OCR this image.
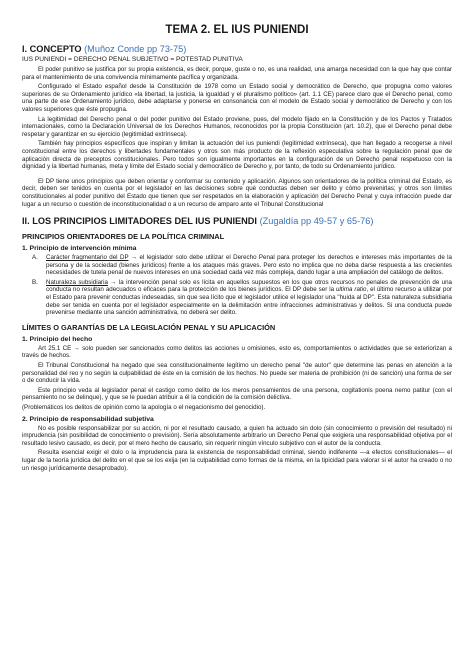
TEMA 2. EL IUS PUNIENDI
I. CONCEPTO (Muñoz Conde pp 73-75)

IUS PUNIENDI = DERECHO PENAL SUBJETIVO = POTESTAD PUNITIVA

El poder punitivo se justifica por su propia existencia, es decir, porque, guste o no, es una realidad, una amarga necesidad con la que hay que contar para el mantenimiento de una convivencia mínimamente pacífica y organizada.

Configurado el Estado español desde la Constitución de 1978 como un Estado social y democrático de Derecho, que propugna como valores superiores de su Ordenamiento jurídico «la libertad, la justicia, la igualdad y el pluralismo político» (art. 1.1 CE) parece claro que el Derecho penal, como una parte de ese Ordenamiento jurídico, debe adaptarse y ponerse en consonancia con el modelo de Estado social y democrático de Derecho y con los valores superiores que éste propugna.

La legitimidad del Derecho penal o del poder punitivo del Estado proviene, pues, del modelo fijado en la Constitución y de los Pactos y Tratados internacionales, como la Declaración Universal de los Derechos Humanos, reconocidos por la propia Constitución (art. 10.2), que el Derecho penal debe respetar y garantizar en su ejercicio (legitimidad extrínseca).

También hay principios específicos que inspiran y limitan la actuación del ius puniendi (legitimidad extrínseca), que han llegado a recogerse a nivel constitucional entre los derechos y libertades fundamentales y otros son más producto de la reflexión especulativa sobre la regulación penal que de aplicación directa de preceptos constitucionales. Pero todos son igualmente importantes en la configuración de un Derecho penal respetuoso con la dignidad y la libertad humanas, meta y límite del Estado social y democrático de Derecho y, por tanto, de todo su Ordenamiento jurídico.

El DP tiene unos principios que deben orientar y conformar su contenido y aplicación. Algunos son orientadores de la política criminal del Estado, es decir, deben ser tenidos en cuenta por el legislador en las decisiones sobre qué conductas deben ser delito y cómo prevenirlas; y otros son límites constitucionales al poder punitivo del Estado que tienen que ser respetados en la elaboración y aplicación del Derecho Penal y cuya infracción puede dar lugar a un recurso o cuestión de inconstitucionalidad o a un recurso de amparo ante el Tribunal Constitucional

II. LOS PRINCIPIOS LIMITADORES DEL IUS PUNIENDI (Zugaldía pp 49-57 y 65-76)
PRINCIPIOS ORIENTADORES DE LA POLÍTICA CRIMINAL
1. Principio de intervención mínima
A.	Carácter fragmentario del DP → el legislador solo debe utilizar el Derecho Penal para proteger los derechos e intereses más importantes de la persona y de la sociedad (bienes jurídicos) frente a los ataques más graves. Pero esto no implica que no deba darse respuesta a las crecientes necesidades de tutela penal de nuevos intereses en una sociedad cada vez más compleja, dando lugar a una ampliación del catálogo de delitos.
B.	Naturaleza subsidiaria → la intervención penal solo es lícita en aquellos supuestos en los que otros recursos no penales de prevención de una conducta no resultan adecuados o eficaces para la protección de los bienes jurídicos. El DP debe ser la ultima ratio, el último recurso a utilizar por el Estado para prevenir conductas indeseadas, sin que sea lícito que el legislador utilice el legislador una "huida al DP". Esta naturaleza subsidiaria debe ser tenida en cuenta por el legislador especialmente en la delimitación entre infracciones administrativas y delitos. Si una conducta puede prevenirse mediante una sanción administrativa, no deberá ser delito.
LÍMITES O GARANTÍAS DE LA LEGISLACIÓN PENAL Y SU APLICACIÓN
1. Principio del hecho

Art 25.1 CE → solo pueden ser sancionados como delitos las acciones u omisiones, esto es, comportamientos o actividades que se exteriorizan a través de hechos.

El Tribunal Constitucional ha negado que sea constitucionalmente legítimo un derecho penal "de autor" que determine las penas en atención a la personalidad del reo y no según la culpabilidad de éste en la comisión de los hechos. No puede ser materia de prohibición (ni de sanción) una forma de ser o de conducir la vida.

Este principio veda al legislador penal el castigo como delito de los meros pensamientos de una persona, cogitationis poena nemo patitur (con el pensamiento no se delinque), y que se le puedan atribuir a él la condición de la comisión delictiva.

(Problemáticos los delitos de opinión como la apología o el negacionismo del genocidio).

2. Principio de responsabilidad subjetiva

No es posible responsabilizar por su acción, ni por el resultado causado, a quien ha actuado sin dolo (sin conocimiento o previsión del resultado) ni imprudencia (sin posibilidad de conocimiento o previsión). Sería absolutamente arbitrario un Derecho Penal que exigiera una responsabilidad objetiva por el resultado lesivo causado, es decir, por el mero hecho de causarlo, sin requerir ningún vínculo subjetivo con el autor de la conducta.

Resulta esencial exigir el dolo o la imprudencia para la existencia de responsabilidad criminal, siendo indiferente —a efectos constitucionales— el lugar de la teoría jurídica del delito en el que se los exija (en la culpabilidad como formas de la misma, en la tipicidad para valorar si el autor ha creado o no un riesgo jurídicamente desaprobado).
